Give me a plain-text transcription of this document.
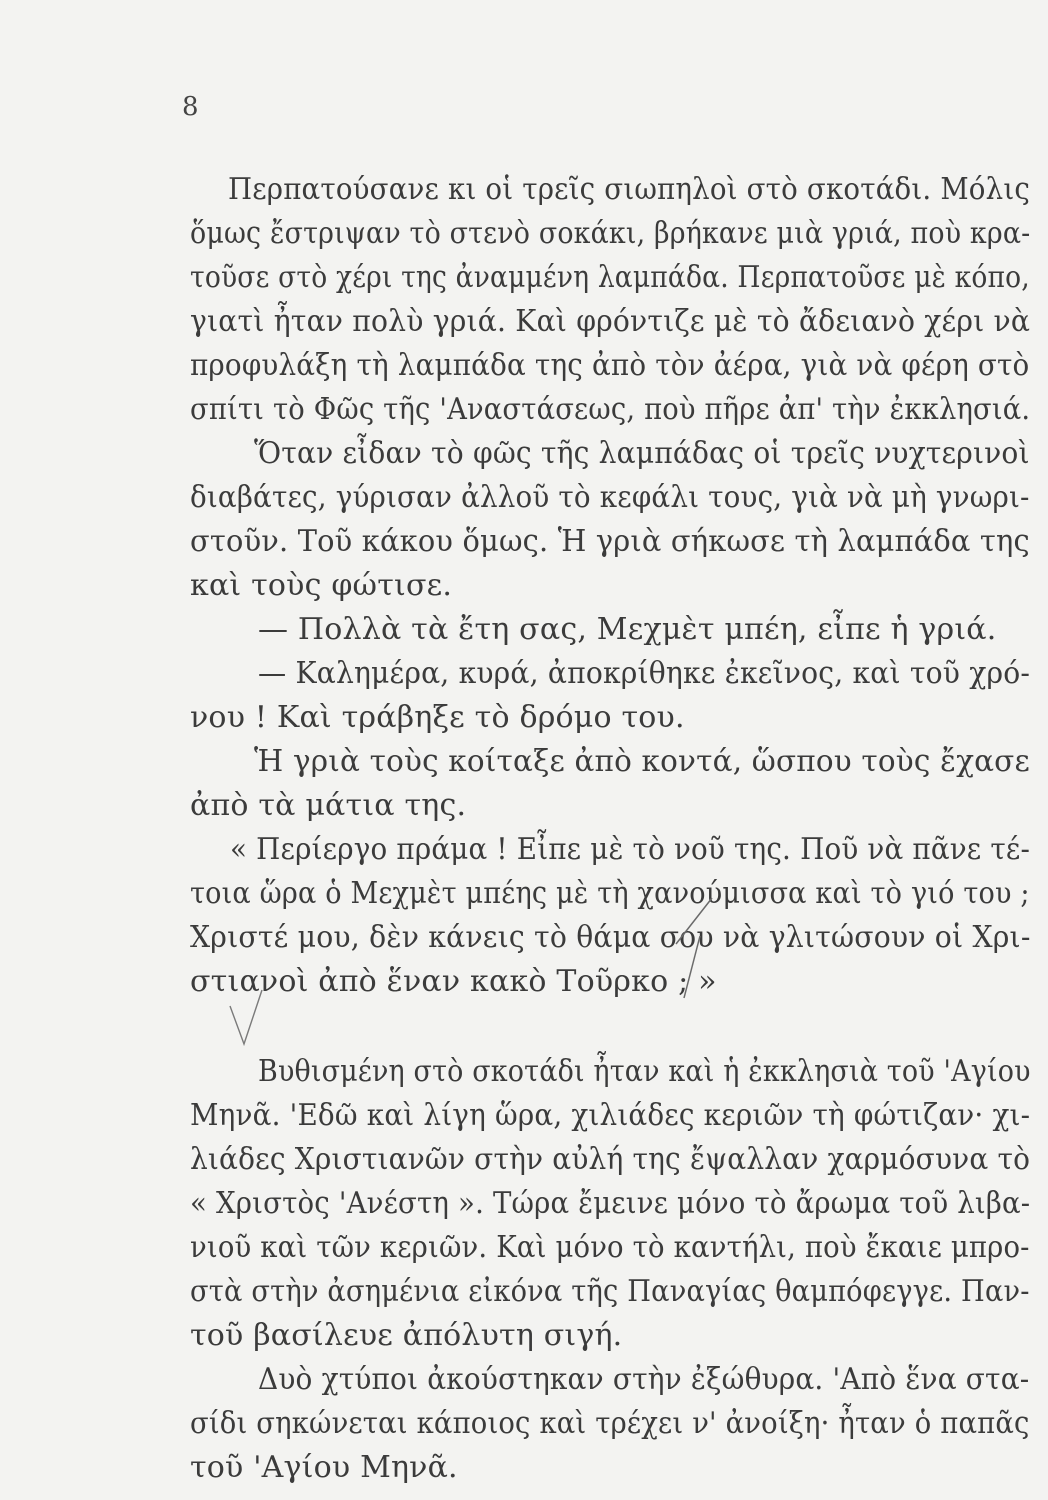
8
Περπατούσανε κι οἱ τρεῖς σιωπηλοὶ στὸ σκοτάδι. Μόλις
ὅμως ἔστριψαν τὸ στενὸ σοκάκι, βρήκανε μιὰ γριά, ποὺ κρα-
τοῦσε στὸ χέρι της ἀναμμένη λαμπάδα. Περπατοῦσε μὲ κόπο,
γιατὶ ἦταν πολὺ γριά. Καὶ φρόντιζε μὲ τὸ ἄδειανὸ χέρι νὰ
προφυλάξη τὴ λαμπάδα της ἀπὸ τὸν ἀέρα, γιὰ νὰ φέρη στὸ
σπίτι τὸ Φῶς τῆς 'Αναστάσεως, ποὺ πῆρε ἀπ' τὴν ἐκκλησιά.
Ὅταν εἶδαν τὸ φῶς τῆς λαμπάδας οἱ τρεῖς νυχτερινοὶ
διαβάτες, γύρισαν ἀλλοῦ τὸ κεφάλι τους, γιὰ νὰ μὴ γνωρι-
στοῦν. Τοῦ κάκου ὅμως. Ἡ γριὰ σήκωσε τὴ λαμπάδα της
καὶ τοὺς φώτισε.
— Πολλὰ τὰ ἔτη σας, Μεχμὲτ μπέη, εἶπε ἡ γριά.
— Καλημέρα, κυρά, ἀποκρίθηκε ἐκεῖνος, καὶ τοῦ χρό-
νου ! Καὶ τράβηξε τὸ δρόμο του.
Ἡ γριὰ τοὺς κοίταξε ἀπὸ κοντά, ὥσπου τοὺς ἔχασε
ἀπὸ τὰ μάτια της.
« Περίεργο πράμα ! Εἶπε μὲ τὸ νοῦ της. Ποῦ νὰ πᾶνε τέ-
τοια ὥρα ὁ Μεχμὲτ μπέης μὲ τὴ χανούμισσα καὶ τὸ γιό του ;
Χριστέ μου, δὲν κάνεις τὸ θάμα σου νὰ γλιτώσουν οἱ Χρι-
στιανοὶ ἀπὸ ἕναν κακὸ Τοῦρκο ; »
Βυθισμένη στὸ σκοτάδι ἦταν καὶ ἡ ἐκκλησιὰ τοῦ 'Αγίου
Μηνᾶ. 'Εδῶ καὶ λίγη ὥρα, χιλιάδες κεριῶν τὴ φώτιζαν· χι-
λιάδες Χριστιανῶν στὴν αὐλή της ἔψαλλαν χαρμόσυνα τὸ
« Χριστὸς 'Ανέστη ». Τώρα ἔμεινε μόνο τὸ ἄρωμα τοῦ λιβα-
νιοῦ καὶ τῶν κεριῶν. Καὶ μόνο τὸ καντήλι, ποὺ ἔκαιε μπρο-
στὰ στὴν ἀσημένια εἰκόνα τῆς Παναγίας θαμπόφεγγε. Παν-
τοῦ βασίλευε ἀπόλυτη σιγή.
Δυὸ χτύποι ἀκούστηκαν στὴν ἐξώθυρα. 'Απὸ ἕνα στα-
σίδι σηκώνεται κάποιος καὶ τρέχει ν' ἀνοίξη· ἦταν ὁ παπᾶς
τοῦ 'Αγίου Μηνᾶ.
